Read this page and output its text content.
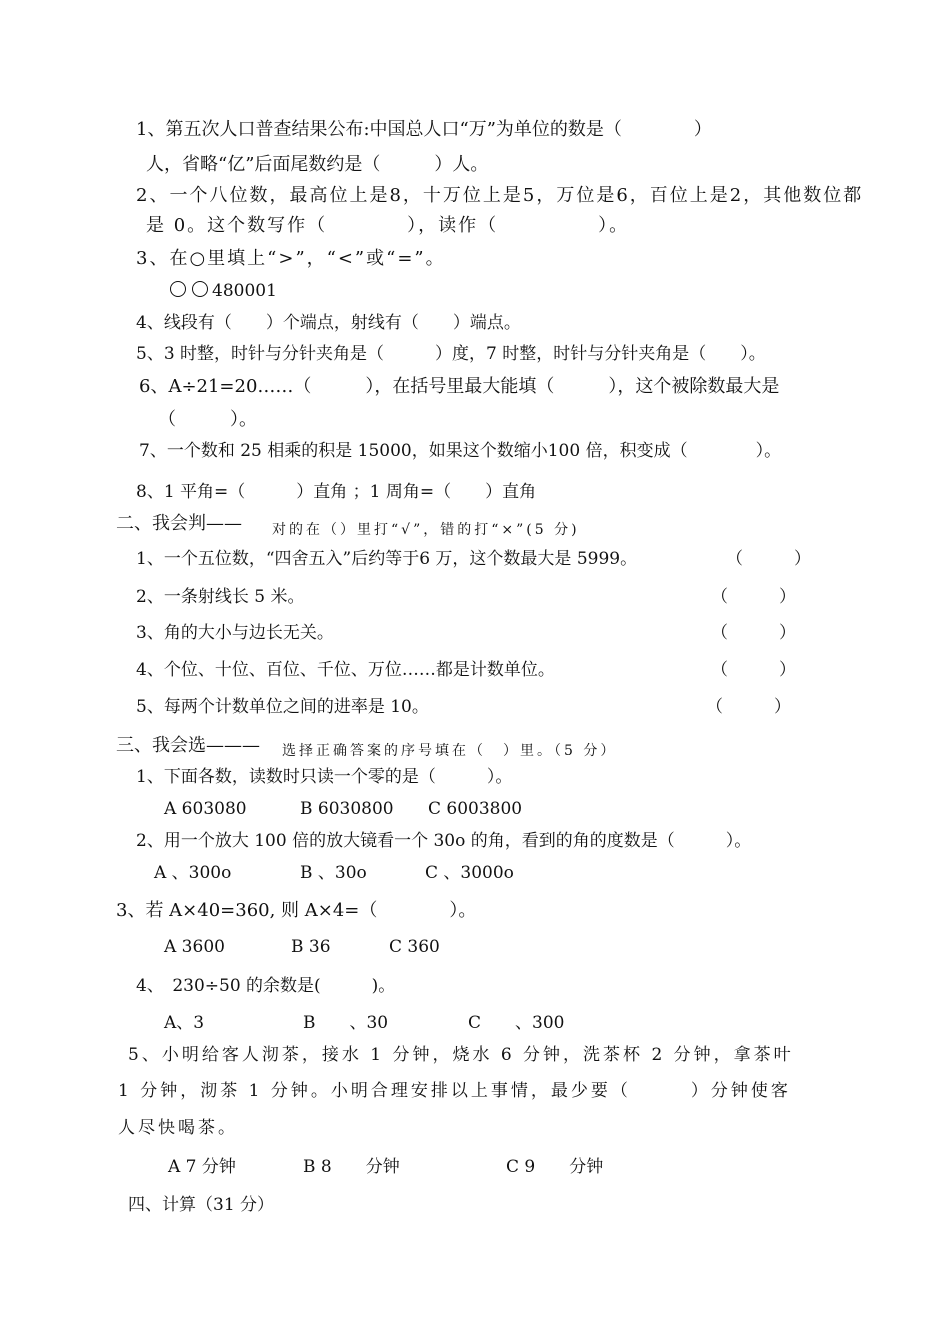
1、第五次人口普查结果公布:中国总人口“万”为单位的数是（　　　　）
人，省略“亿”后面尾数约是（　　　）人。
2、一个八位数，最高位上是8，十万位上是5，万位是6，百位上是2，其他数位都
是 0。这个数写作（　　　　），读作（　　　　　）。
3、在○里填上“>”，“<”或“=”。
480001
4、线段有（　　）个端点，射线有（　　）端点。
5、3 时整，时针与分针夹角是（　　　）度，7 时整，时针与分针夹角是（　　）。
6、A÷21=20……（　　　），在括号里最大能填（　　　），这个被除数最大是
（　　　）。
7、一个数和 25 相乘的积是 15000，如果这个数缩小100 倍，积变成（　　　　）。
8、1 平角=（　　　）直角 ；1 周角=（　　）直角
二、我会判—— 对的在（）里打“√”，错的打“×”(5 分)
1、一个五位数，“四舍五入”后约等于6 万，这个数最大是 5999。	（　　　）
2、一条射线长 5 米。	（　　　）
3、角的大小与边长无关。	（　　　）
4、个位、十位、百位、千位、万位……都是计数单位。	（　　　）
5、每两个计数单位之间的进率是 10。	（　　　）
三、我会选——— 选择正确答案的序号填在（　）里。（5 分）
1、下面各数，读数时只读一个零的是（　　　）。
A 603080	B 6030800 C 6003800
2、用一个放大 100 倍的放大镜看一个 30o 的角，看到的角的度数是（　　　）。
A 、300o	B 、30o	C 、3000o
3、若 A×40=360, 则 A×4=（　　　　）。
A 3600	B 36	C 360
4、　230÷50 的余数是(　　　)。
A、3	B　　、30	C　　、300
5、小明给客人沏茶，接水 1 分钟，烧水 6 分钟，洗茶杯 2 分钟，拿茶叶
1 分钟，沏茶 1 分钟。小明合理安排以上事情，最少要（　　　）分钟使客
人尽快喝茶。
A 7 分钟	B 8　　分钟	C 9　　分钟
四、计算（31 分）
